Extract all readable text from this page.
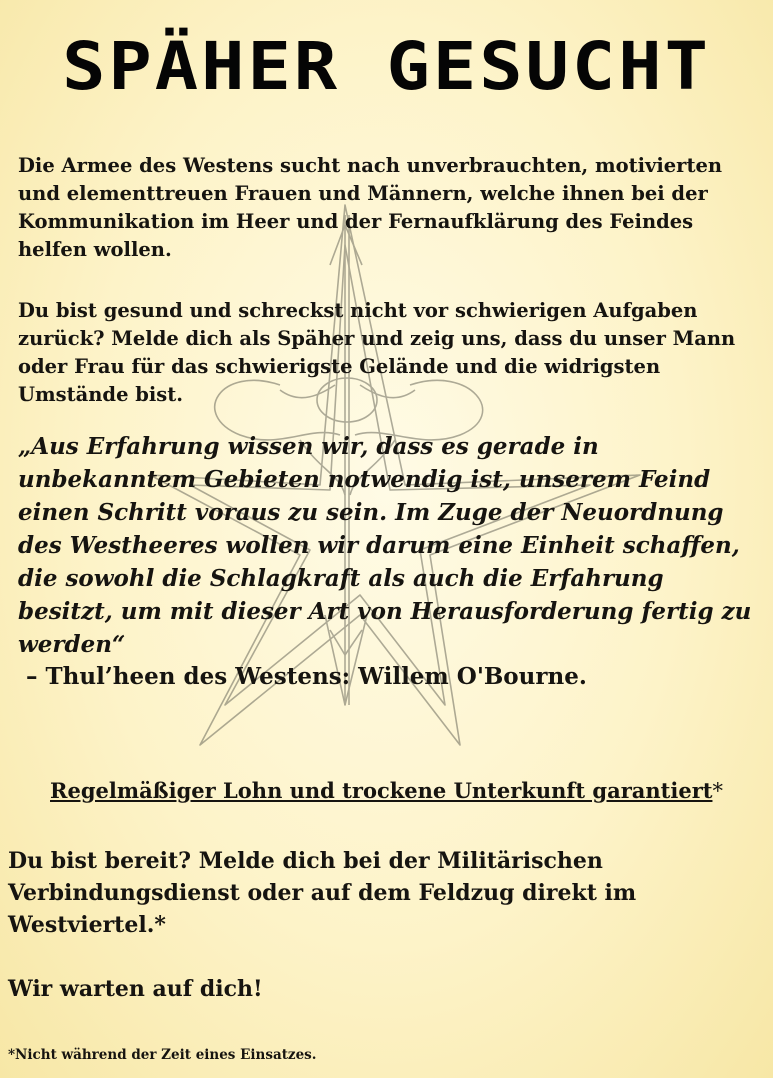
SPÄHER GESUCHT

Die Armee des Westens sucht nach unverbrauchten, motivierten und elementtreuen Frauen und Männern, welche ihnen bei der Kommunikation im Heer und der Fernaufklärung des Feindes helfen wollen.

Du bist gesund und schreckst nicht vor schwierigen Aufgaben zurück? Melde dich als Späher und zeig uns, dass du unser Mann oder Frau für das schwierigste Gelände und die widrigsten Umstände bist.

„Aus Erfahrung wissen wir, dass es gerade in unbekanntem Gebieten notwendig ist, unserem Feind einen Schritt voraus zu sein. Im Zuge der Neuordnung des Westheeres wollen wir darum eine Einheit schaffen, die sowohl die Schlagkraft als auch die Erfahrung besitzt, um mit dieser Art von Herausforderung fertig zu werden“

– Thul’heen des Westens: Willem O'Bourne.

Regelmäßiger Lohn und trockene Unterkunft garantiert*

Du bist bereit? Melde dich bei der Militärischen Verbindungsdienst oder auf dem Feldzug direkt im Westviertel.*

Wir warten auf dich!

*Nicht während der Zeit eines Einsatzes.
